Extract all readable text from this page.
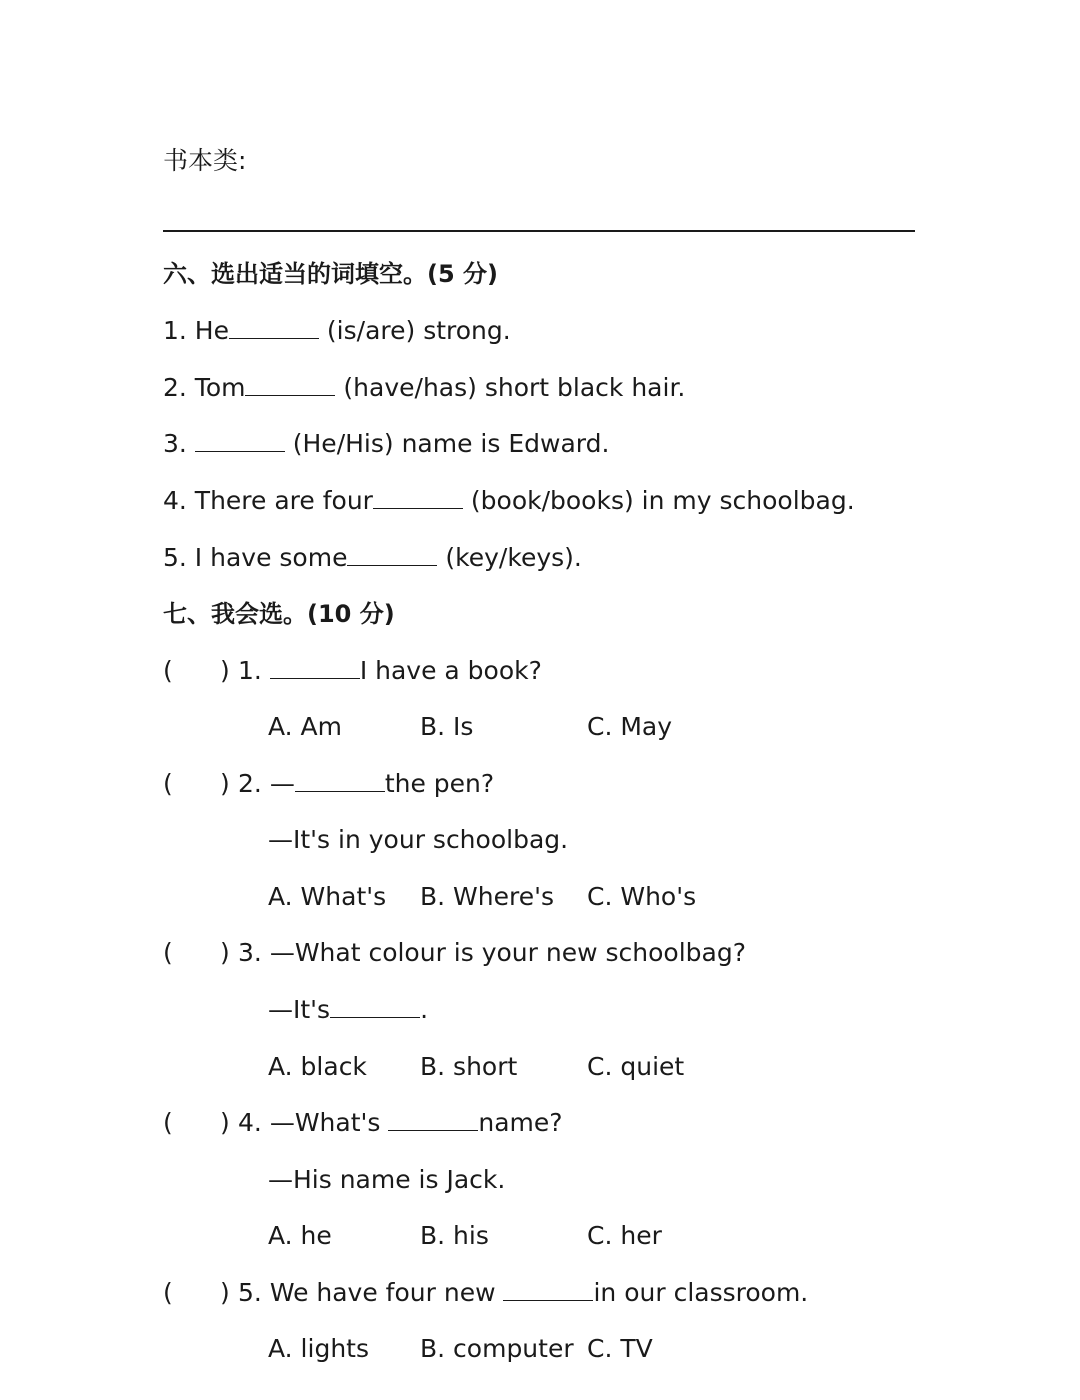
书本类:
六、选出适当的词填空。(5 分)
1. He	(is/are) strong.
2. Tom	(have/has) short black hair.
3.	(He/His) name is Edward.
4. There are four	(book/books) in my schoolbag.
5. I have some	(key/keys).
七、我会选。(10 分)
( ) 1.	I have a book?
A. Am	B. Is	C. May
( ) 2. —	the pen?
—It's in your schoolbag.
A. What's B. Where's C. Who's
( ) 3. —What colour is your new schoolbag?
—It's	.
A. black B. short	C. quiet
( ) 4. —What's	name?
—His name is Jack.
A. he	B. his	C. her
( ) 5. We have four new	in our classroom.
A. lights B. computer C. TV
